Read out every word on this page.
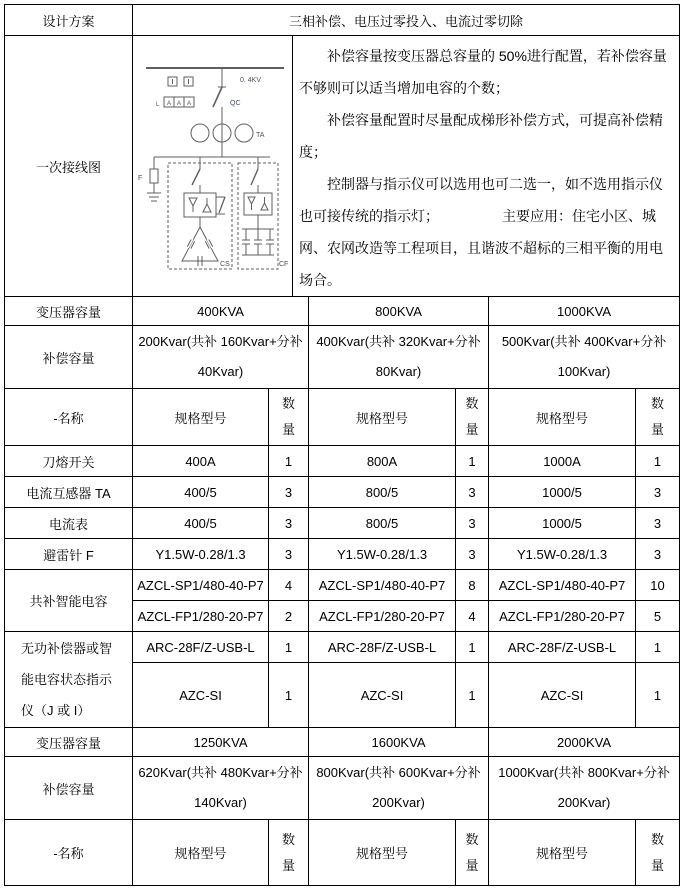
设计方案	三相补偿、电压过零投入、电流过零切除					
一次接线图	
0. 4KV
L A A A	QC
TA
F
CS	CF

补偿容量按变压器总容量的 50%进行配置，若补偿容量不够则可以适当增加电容的个数；

补偿容量配置时尽量配成梯形补偿方式，可提高补偿精度；

控制器与指示仪可以选用也可二选一，如不选用指示仪也可接传统的指示灯；	主要应用：住宅小区、城网、农网改造等工程项目，且谐波不超标的三相平衡的用电场合。

变压器容量	400KVA		800KVA		1000KVA	
补偿容量	200Kvar(共补 160Kvar+分补 40Kvar)		400Kvar(共补 320Kvar+分补 80Kvar)		500Kvar(共补 400Kvar+分补 100Kvar)	
-名称	规格型号	数量	规格型号	数量	规格型号	数量
刀熔开关	400A	1	800A	1	1000A	1
电流互感器 TA	400/5	3	800/5	3	1000/5	3
电流表	400/5	3	800/5	3	1000/5	3
避雷针 F	Y1.5W-0.28/1.3	3	Y1.5W-0.28/1.3	3	Y1.5W-0.28/1.3	3
共补智能电容	AZCL-SP1/480-40-P7	4	AZCL-SP1/480-40-P7	8	AZCL-SP1/480-40-P7	10
	AZCL-FP1/280-20-P7	2	AZCL-FP1/280-20-P7	4	AZCL-FP1/280-20-P7	5

无功补偿器或智能电容状态指示仪（J 或 I）	ARC-28F/Z-USB-L	1	ARC-28F/Z-USB-L	1	ARC-28F/Z-USB-L	1
	AZC-SI	1	AZC-SI	1	AZC-SI	1
变压器容量	1250KVA		1600KVA		2000KVA	
补偿容量	620Kvar(共补 480Kvar+分补 140Kvar)		800Kvar(共补 600Kvar+分补 200Kvar)		1000Kvar(共补 800Kvar+分补 200Kvar)	
-名称	规格型号	数量	规格型号	数量	规格型号	数量
